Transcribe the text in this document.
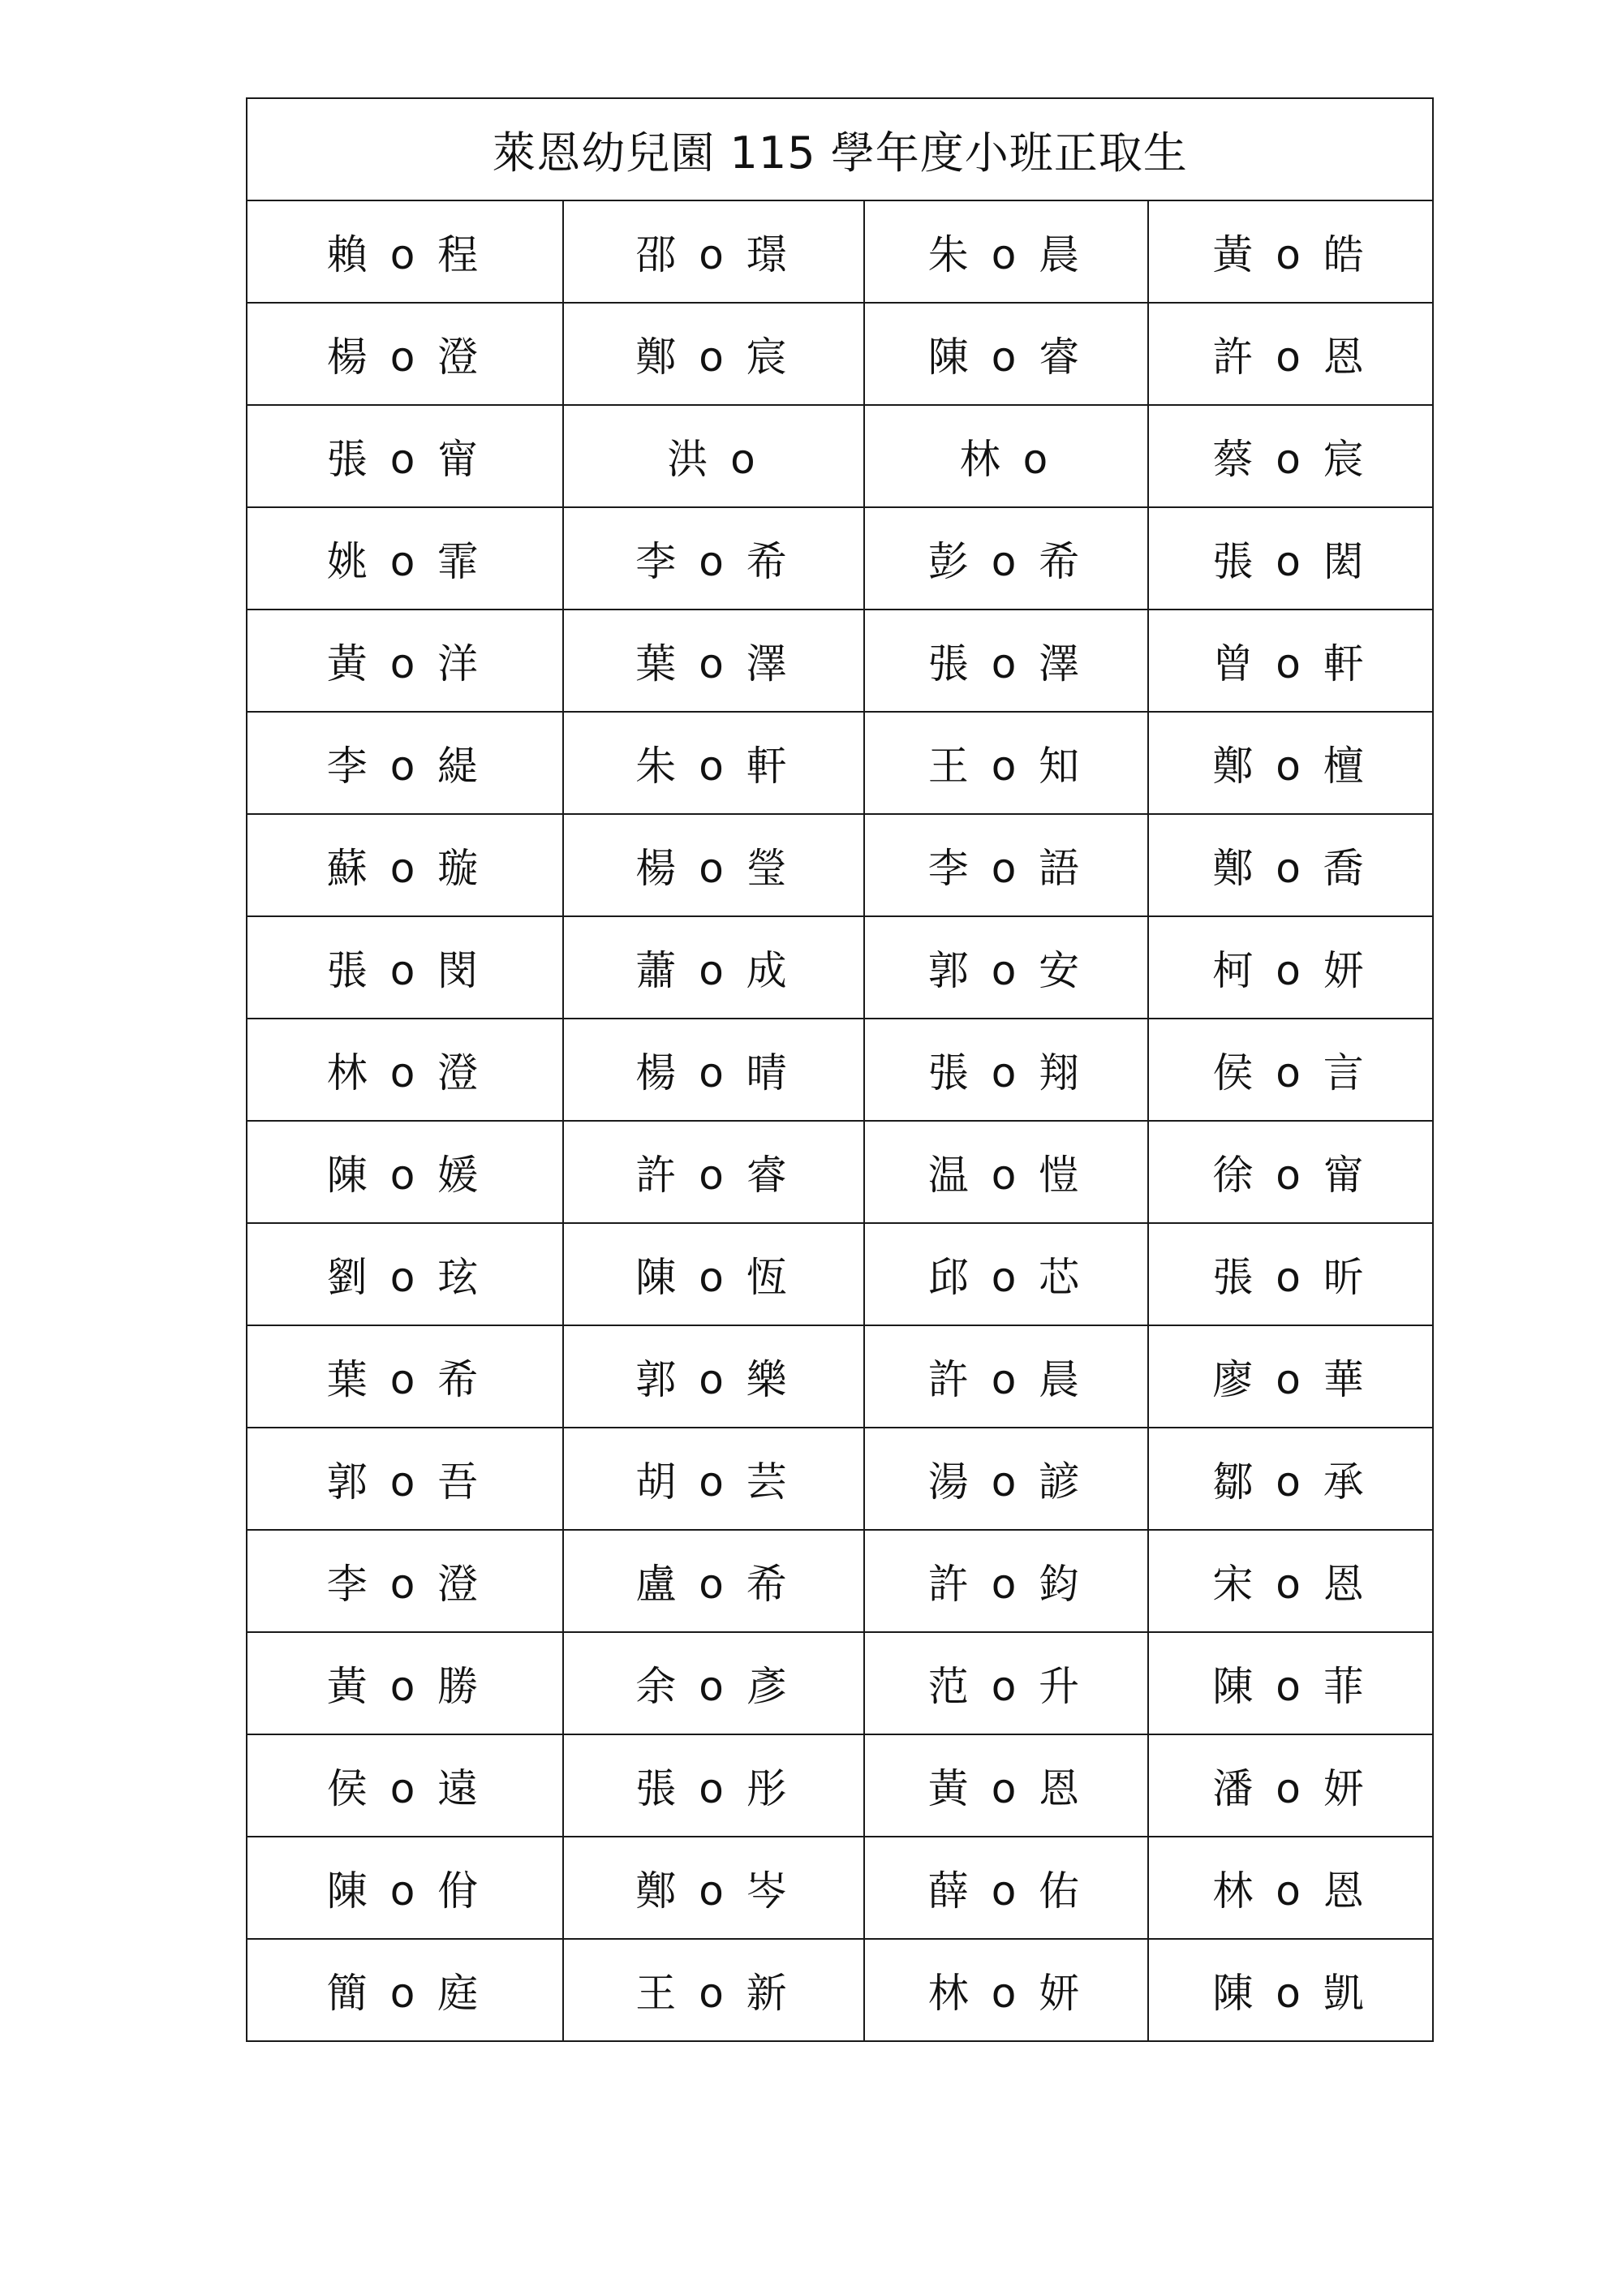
萊恩幼兒園 115 學年度小班正取生			
賴 o 程	邵 o 璟	朱 o 晨	黃 o 皓
楊 o 澄	鄭 o 宸	陳 o 睿	許 o 恩
張 o 甯	洪 o	林 o	蔡 o 宸
姚 o 霏	李 o 希	彭 o 希	張 o 閎
黃 o 洋	葉 o 澤	張 o 澤	曾 o 軒
李 o 緹	朱 o 軒	王 o 知	鄭 o 檀
蘇 o 璇	楊 o 瑩	李 o 語	鄭 o 喬
張 o 閔	蕭 o 成	郭 o 安	柯 o 妍
林 o 澄	楊 o 晴	張 o 翔	侯 o 言
陳 o 媛	許 o 睿	温 o 愷	徐 o 甯
劉 o 玹	陳 o 恆	邱 o 芯	張 o 昕
葉 o 希	郭 o 樂	許 o 晨	廖 o 華
郭 o 吾	胡 o 芸	湯 o 諺	鄒 o 承
李 o 澄	盧 o 希	許 o 鈞	宋 o 恩
黃 o 勝	余 o 彥	范 o 升	陳 o 菲
侯 o 遠	張 o 彤	黃 o 恩	潘 o 妍
陳 o 佾	鄭 o 岑	薛 o 佑	林 o 恩
簡 o 庭	王 o 新	林 o 妍	陳 o 凱
